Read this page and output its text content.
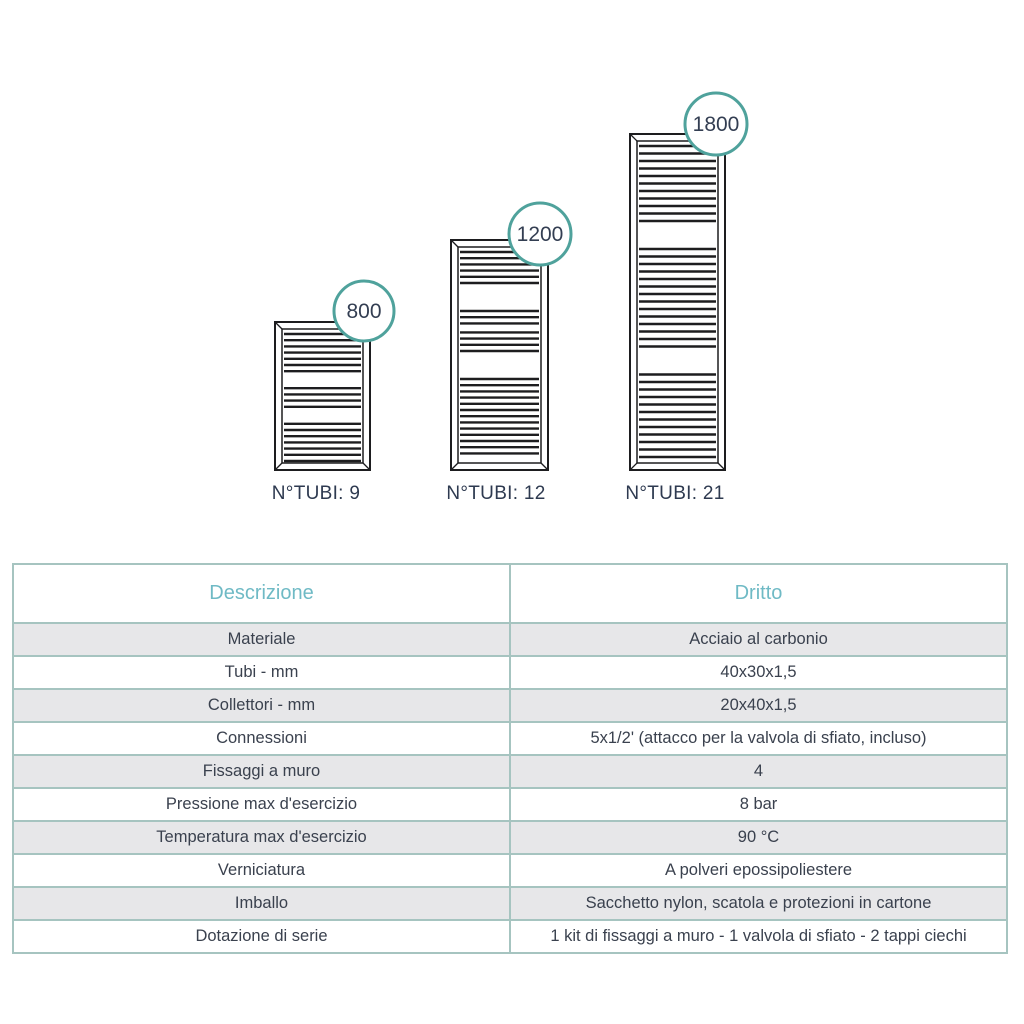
800
1200
1800
N°TUBI: 9	N°TUBI: 12	N°TUBI: 21
Descrizione	Dritto
Materiale	Acciaio al carbonio
Tubi - mm	40x30x1,5
Collettori - mm	20x40x1,5
Connessioni	5x1/2' (attacco per la valvola di sfiato, incluso)
Fissaggi a muro	4
Pressione max d'esercizio	8 bar
Temperatura max d'esercizio	90 °C
Verniciatura	A polveri epossipoliestere
Imballo	Sacchetto nylon, scatola e protezioni in cartone
Dotazione di serie	1 kit di fissaggi a muro - 1 valvola di sfiato - 2 tappi ciechi
